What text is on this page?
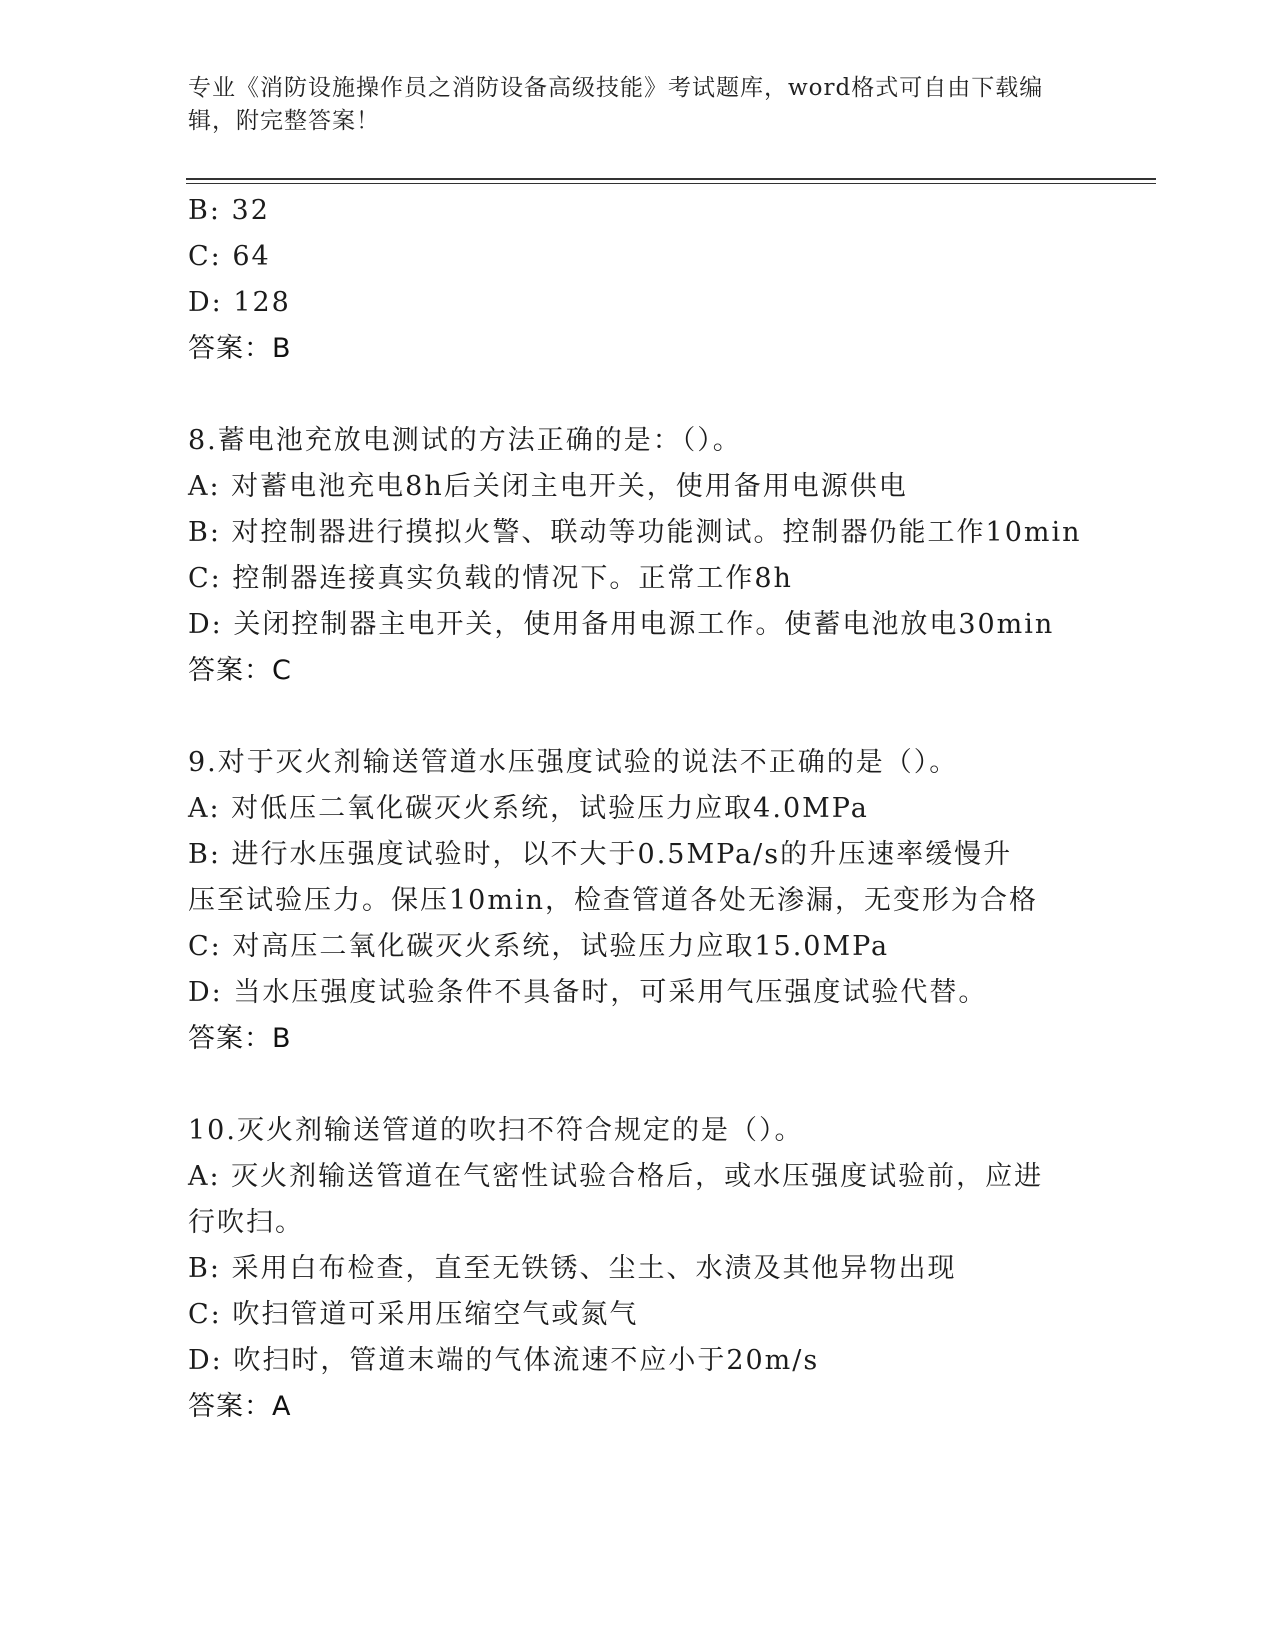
专业《消防设施操作员之消防设备高级技能》考试题库，word格式可自由下载编辑，附完整答案！
B: 32
C: 64
D: 128
答案：B
8.蓄电池充放电测试的方法正确的是：（）。
A: 对蓄电池充电8h后关闭主电开关，使用备用电源供电
B: 对控制器进行摸拟火警、联动等功能测试。控制器仍能工作10min
C: 控制器连接真实负载的情况下。正常工作8h
D: 关闭控制器主电开关，使用备用电源工作。使蓄电池放电30min
答案：C
9.对于灭火剂输送管道水压强度试验的说法不正确的是（）。
A: 对低压二氧化碳灭火系统，试验压力应取4.0MPa
B: 进行水压强度试验时，以不大于0.5MPa/s的升压速率缓慢升压至试验压力。保压10min，检查管道各处无渗漏，无变形为合格
C: 对高压二氧化碳灭火系统，试验压力应取15.0MPa
D: 当水压强度试验条件不具备时，可采用气压强度试验代替。
答案：B
10.灭火剂输送管道的吹扫不符合规定的是（）。
A: 灭火剂输送管道在气密性试验合格后，或水压强度试验前，应进行吹扫。
B: 采用白布检查，直至无铁锈、尘土、水渍及其他异物出现
C: 吹扫管道可采用压缩空气或氮气
D: 吹扫时，管道末端的气体流速不应小于20m/s
答案：A
